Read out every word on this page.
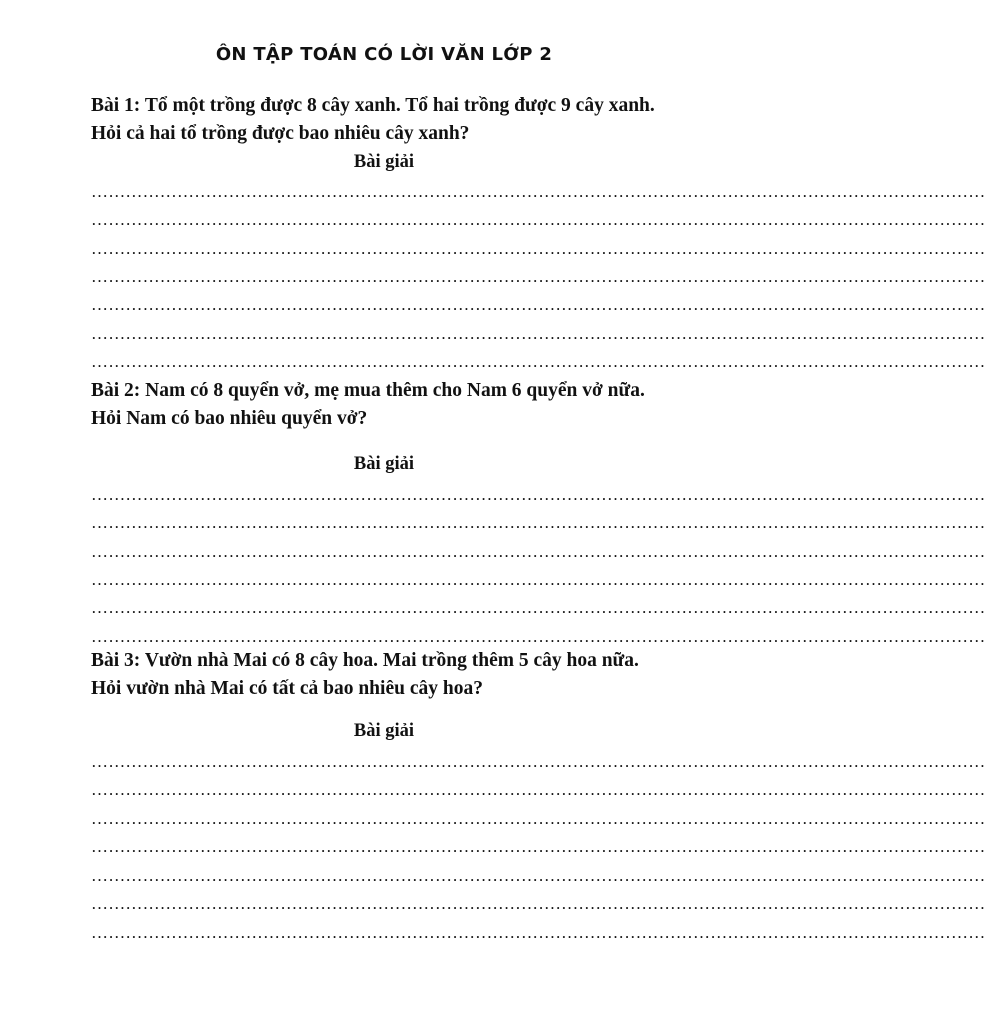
ÔN TẬP TOÁN CÓ LỜI VĂN LỚP 2
Bài 1: Tổ một trồng được 8 cây xanh. Tổ hai trồng được 9 cây xanh.
Hỏi cả hai tổ trồng được bao nhiêu cây xanh?
Bài giải
…………………………………………………………………………………………………………………………………………
…………………………………………………………………………………………………………………………………………
…………………………………………………………………………………………………………………………………………
…………………………………………………………………………………………………………………………………………
…………………………………………………………………………………………………………………………………………
…………………………………………………………………………………………………………………………………………
…………………………………………………………………………………………………………………………………………
Bài 2: Nam có 8 quyển vở, mẹ mua thêm cho Nam 6 quyển vở nữa.
Hỏi Nam có bao nhiêu quyển vở?
Bài giải
…………………………………………………………………………………………………………………………………………
…………………………………………………………………………………………………………………………………………
…………………………………………………………………………………………………………………………………………
…………………………………………………………………………………………………………………………………………
…………………………………………………………………………………………………………………………………………
…………………………………………………………………………………………………………………………………………
Bài 3: Vườn nhà Mai có 8 cây hoa. Mai trồng thêm 5 cây hoa nữa.
Hỏi vườn nhà Mai có tất cả bao nhiêu cây hoa?
Bài giải
…………………………………………………………………………………………………………………………………………
…………………………………………………………………………………………………………………………………………
…………………………………………………………………………………………………………………………………………
…………………………………………………………………………………………………………………………………………
…………………………………………………………………………………………………………………………………………
…………………………………………………………………………………………………………………………………………
…………………………………………………………………………………………………………………………………………
